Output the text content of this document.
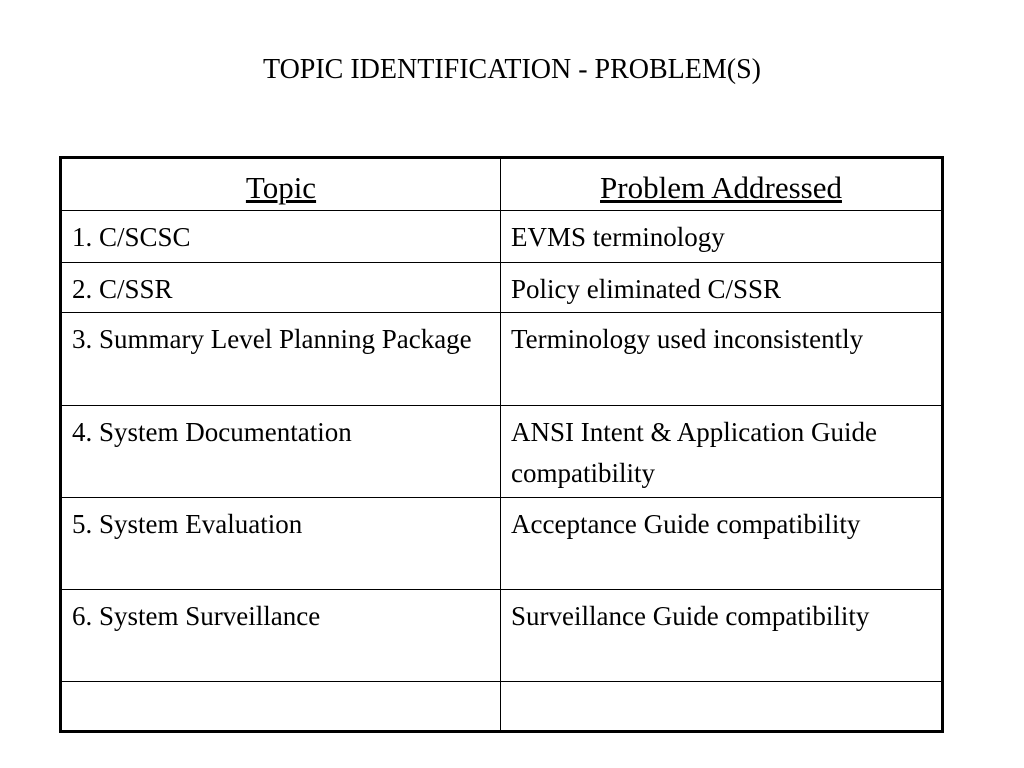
TOPIC IDENTIFICATION - PROBLEM(S)
Topic	Problem Addressed
1. C/SCSC	EVMS terminology
2. C/SSR	Policy eliminated C/SSR
3. Summary Level Planning Package	Terminology used inconsistently
4. System Documentation	ANSI Intent & Application Guide compatibility
5. System Evaluation	Acceptance Guide compatibility
6. System Surveillance	Surveillance Guide compatibility
